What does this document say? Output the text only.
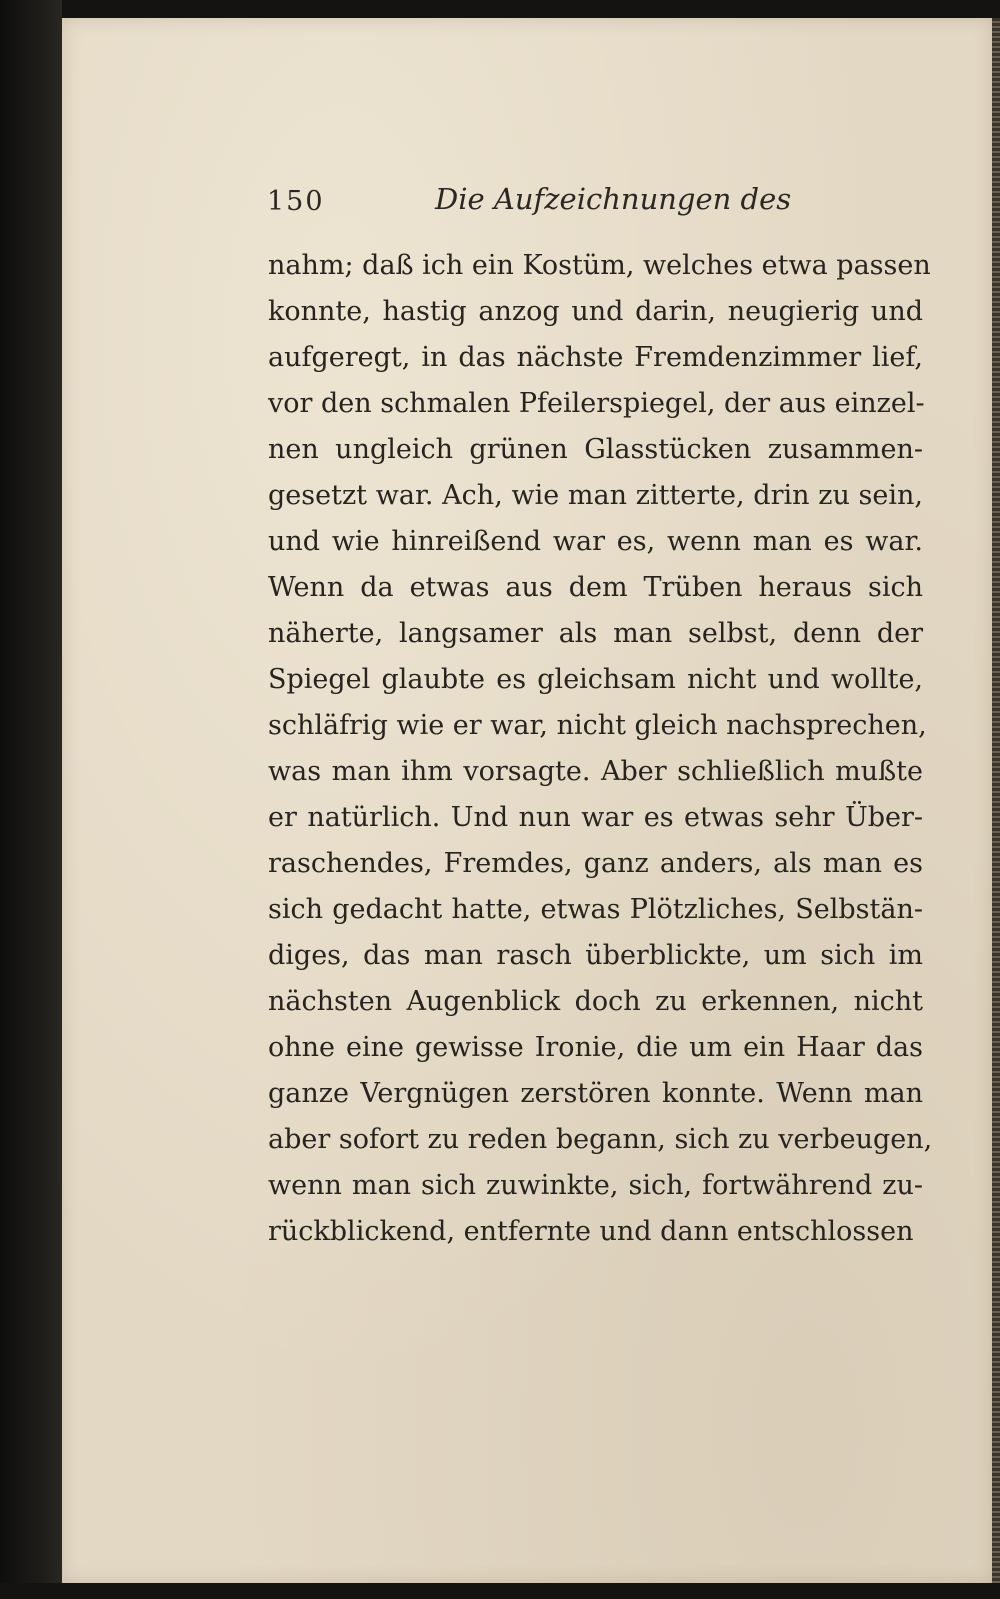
150	Die Aufzeichnungen des
nahm; daß ich ein Kostüm, welches etwa passen
konnte, hastig anzog und darin, neugierig und
aufgeregt, in das nächste Fremdenzimmer lief,
vor den schmalen Pfeilerspiegel, der aus einzel-
nen ungleich grünen Glasstücken zusammen-
gesetzt war. Ach, wie man zitterte, drin zu sein,
und wie hinreißend war es, wenn man es war.
Wenn da etwas aus dem Trüben heraus sich
näherte, langsamer als man selbst, denn der
Spiegel glaubte es gleichsam nicht und wollte,
schläfrig wie er war, nicht gleich nachsprechen,
was man ihm vorsagte. Aber schließlich mußte
er natürlich. Und nun war es etwas sehr Über-
raschendes, Fremdes, ganz anders, als man es
sich gedacht hatte, etwas Plötzliches, Selbstän-
diges, das man rasch überblickte, um sich im
nächsten Augenblick doch zu erkennen, nicht
ohne eine gewisse Ironie, die um ein Haar das
ganze Vergnügen zerstören konnte. Wenn man
aber sofort zu reden begann, sich zu verbeugen,
wenn man sich zuwinkte, sich, fortwährend zu-
rückblickend, entfernte und dann entschlossen
